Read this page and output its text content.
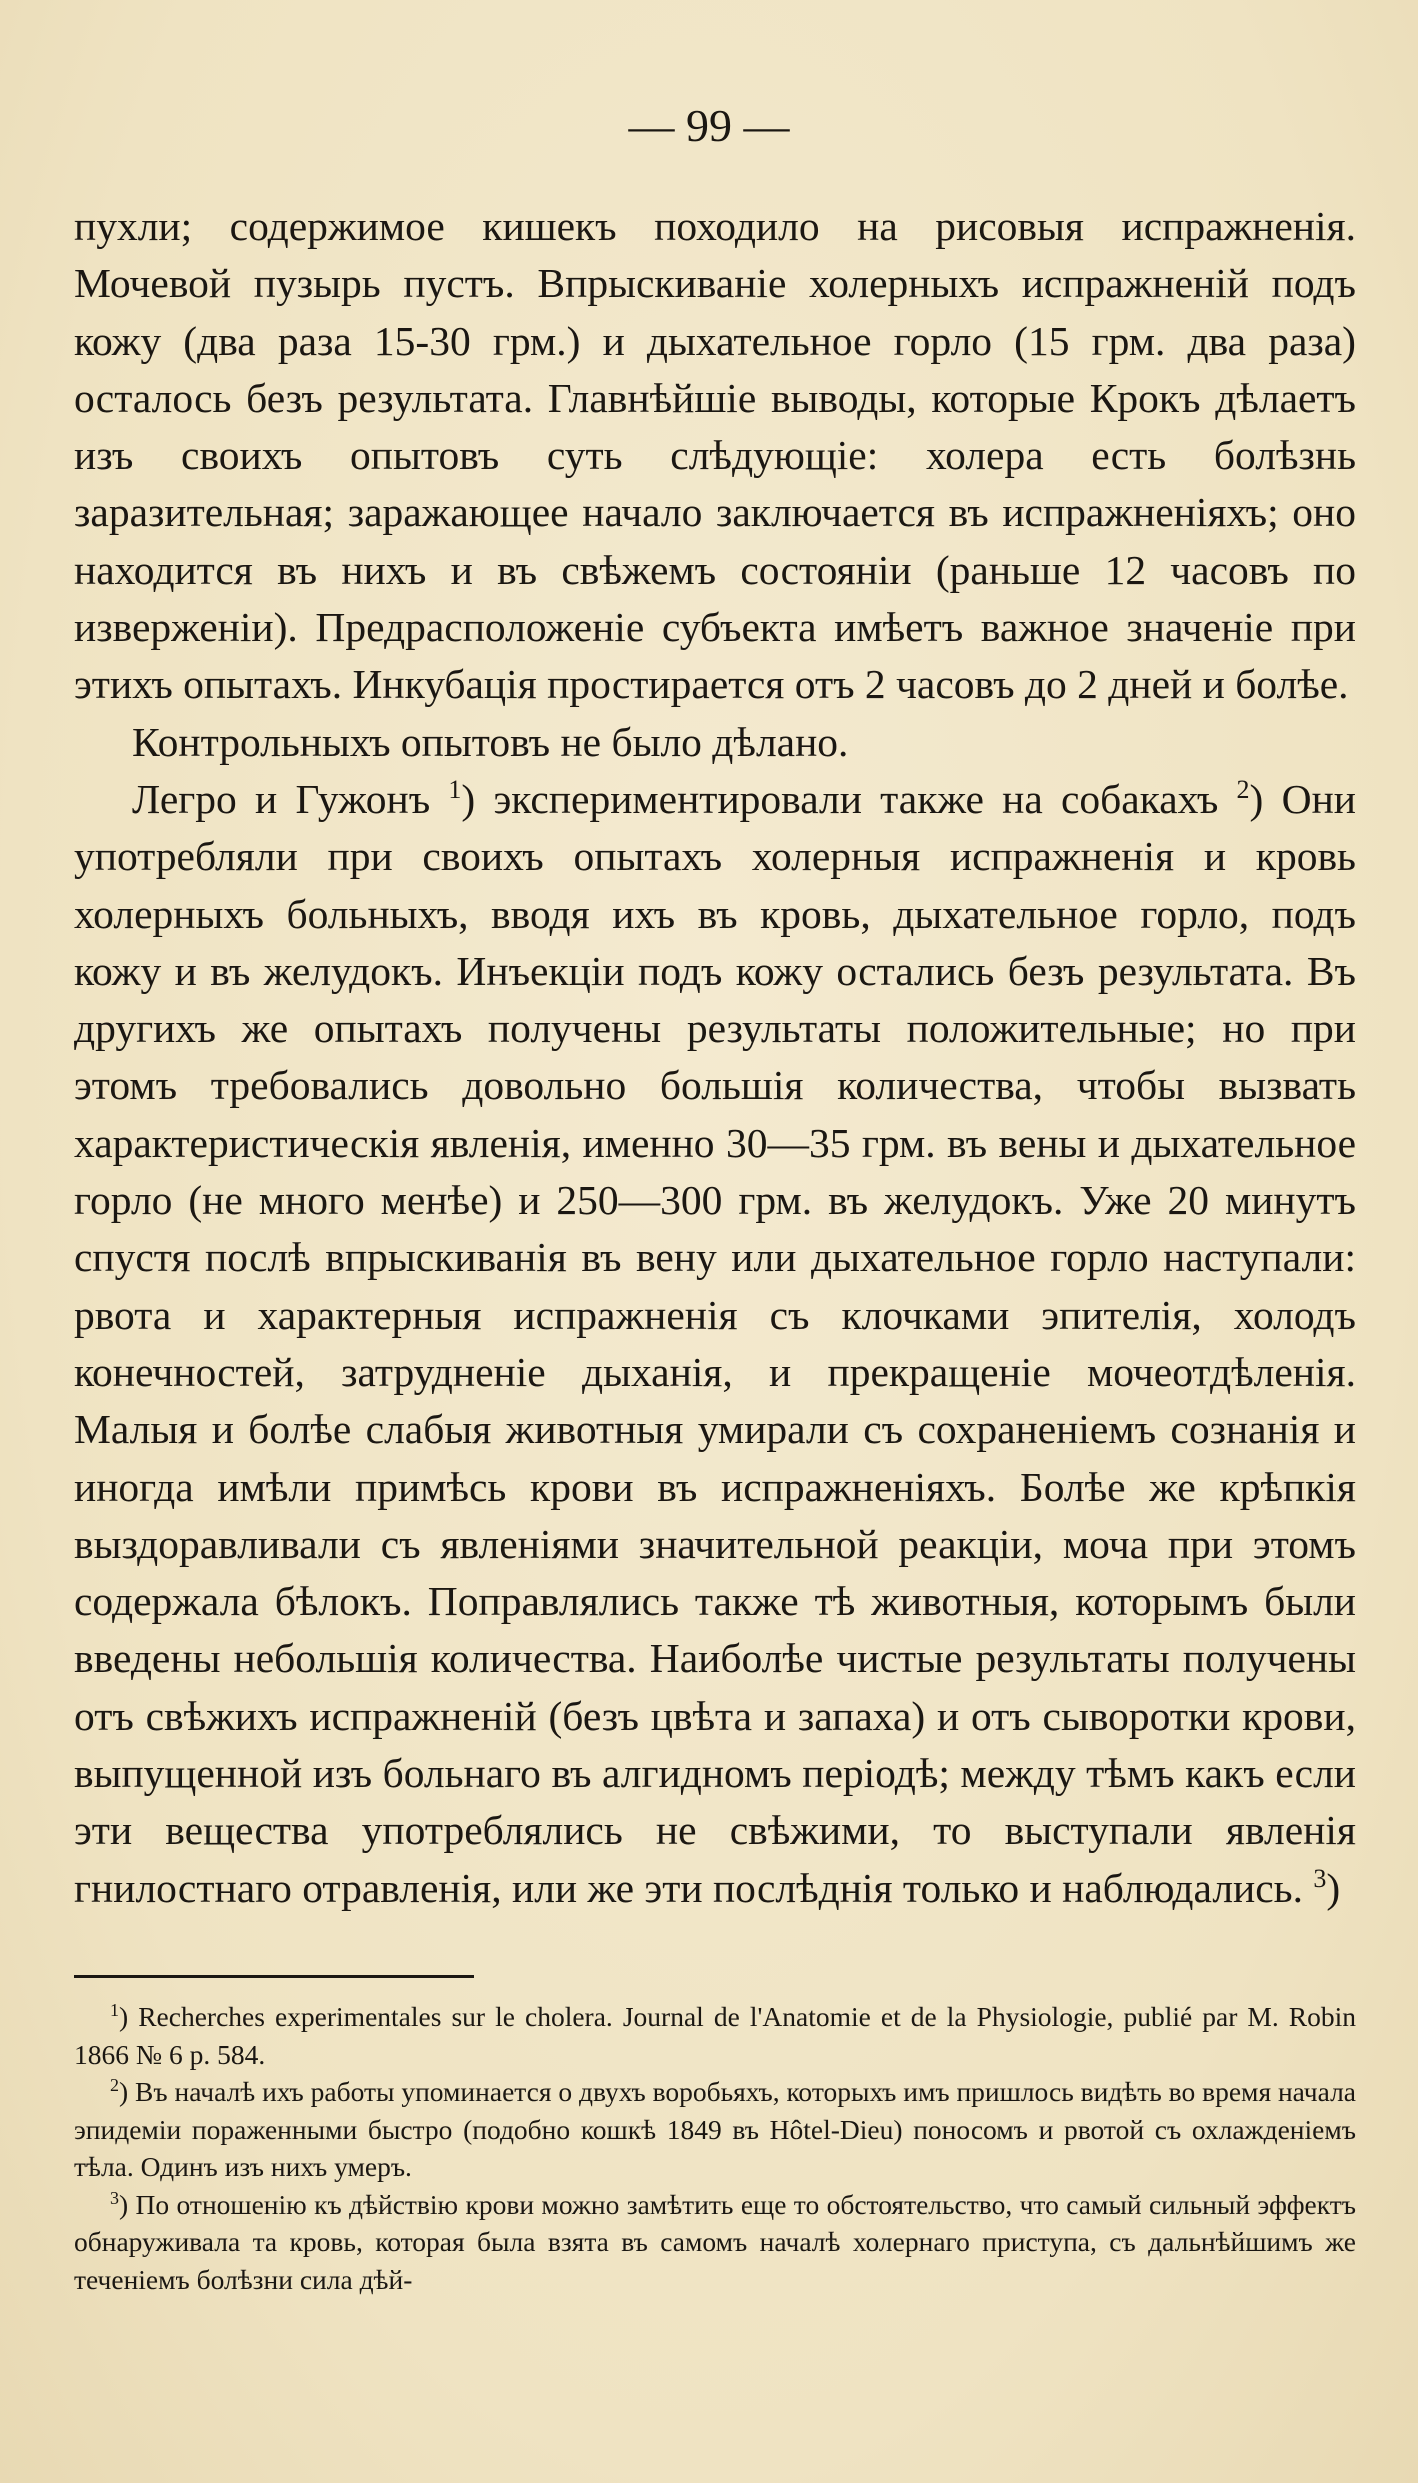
— 99 —

пухли; содержимое кишекъ походило на рисовыя испражненія. Мочевой пузырь пустъ. Впрыскиванiе холерныхъ испражненій подъ кожу (два раза 15-30 грм.) и дыхательное горло (15 грм. два раза) осталось безъ результата. Главнѣйшiе выводы, которые Крокъ дѣлаетъ изъ своихъ опытовъ суть слѣдующiе: холера есть болѣзнь заразительная; заражающее начало заключается въ испражненiяхъ; оно находится въ нихъ и въ свѣжемъ состоянiи (раньше 12 часовъ по изверженiи). Предрасположенiе субъекта имѣетъ важное значенiе при этихъ опытахъ. Инкубацiя простирается отъ 2 часовъ до 2 дней и болѣе.

Контрольныхъ опытовъ не было дѣлано.

Легро и Гужонъ $^1$) экспериментировали также на собакахъ $^2$) Они употребляли при своихъ опытахъ холерныя испражненiя и кровь холерныхъ больныхъ, вводя ихъ въ кровь, дыхательное горло, подъ кожу и въ желудокъ. Инъекцiи подъ кожу остались безъ результата. Въ другихъ же опытахъ получены результаты положительные; но при этомъ требовались довольно большiя количества, чтобы вызвать характеристическiя явленiя, именно 30—35 грм. въ вены и дыхательное горло (не много менѣе) и 250—300 грм. въ желудокъ. Уже 20 минутъ спустя послѣ впрыскиванiя въ вену или дыхательное горло наступали: рвота и характерныя испражненiя съ клочками эпителiя, холодъ конечностей, затрудненiе дыханiя, и прекращенiе мочеотдѣленiя. Малыя и болѣе слабыя животныя умирали съ сохраненiемъ сознанiя и иногда имѣли примѣсь крови въ испражненiяхъ. Болѣе же крѣпкiя выздоравливали съ явленiями значительной реакцiи, моча при этомъ содержала бѣлокъ. Поправлялись также тѣ животныя, которымъ были введены небольшiя количества. Наиболѣе чистые результаты получены отъ свѣжихъ испражненiй (безъ цвѣта и запаха) и отъ сыворотки крови, выпущенной изъ больнаго въ алгидномъ перiодѣ; между тѣмъ какъ если эти вещества употреблялись не свѣжими, то выступали явленiя гнилостнаго отравленiя, или же эти послѣднiя только и наблюдались. $^3$)

$^1$) Recherches experimentales sur le cholera. Journal de l'Anatomie et de la Physiologie, publié par M. Robin 1866 № 6 p. 584.

$^2$) Въ началѣ ихъ работы упоминается о двухъ воробьяхъ, которыхъ имъ пришлось видѣть во время начала эпидемiи пораженными быстро (подобно кошкѣ 1849 въ Hôtel-Dieu) поносомъ и рвотой съ охлажденiемъ тѣла. Одинъ изъ нихъ умеръ.

$^3$) По отношенiю къ дѣйствiю крови можно замѣтить еще то обстоятельство, что самый сильный эффектъ обнаруживала та кровь, которая была взята въ самомъ началѣ холернаго приступа, съ дальнѣйшимъ же теченiемъ болѣзни сила дѣй-
